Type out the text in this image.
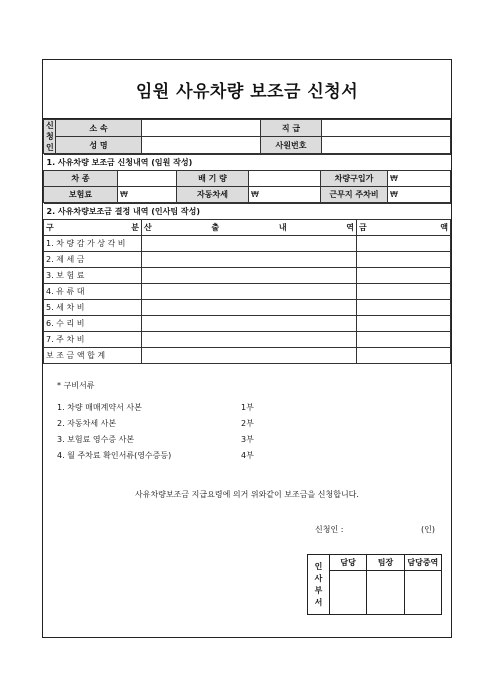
임원 사유차량 보조금 신청서
신
청
인	소 속		직 급	
	성 명		사원번호	
1. 사유차량 보조금 신청내역 (임원 작성)					
차 종		배 기 량		차량구입가	₩
보험료	₩	자동차세	₩	근무지 주차비	₩
2. 사유차량보조금 결정 내역 (인사팀 작성)		

구 분	산 출 내 역	금 액

1. 차 량 감 가 상 각 비		
2. 제 세 금		
3. 보 험 료		
4. 유 류 대		
5. 세 차 비		
6. 수 리 비		
7. 주 차 비		
보 조 금 액 합 계		
* 구비서류
1. 차량 매매계약서 사본	1부
2. 자동차세 사본	2부
3. 보험료 영수증 사본	3부
4. 월 주차료 확인서류(영수증등)	4부
사유차량보조금 지급요령에 의거 위와같이 보조금을 신청합니다.
신청인 :	(인)
인
사
부
서	담당	팀장	담당중역
